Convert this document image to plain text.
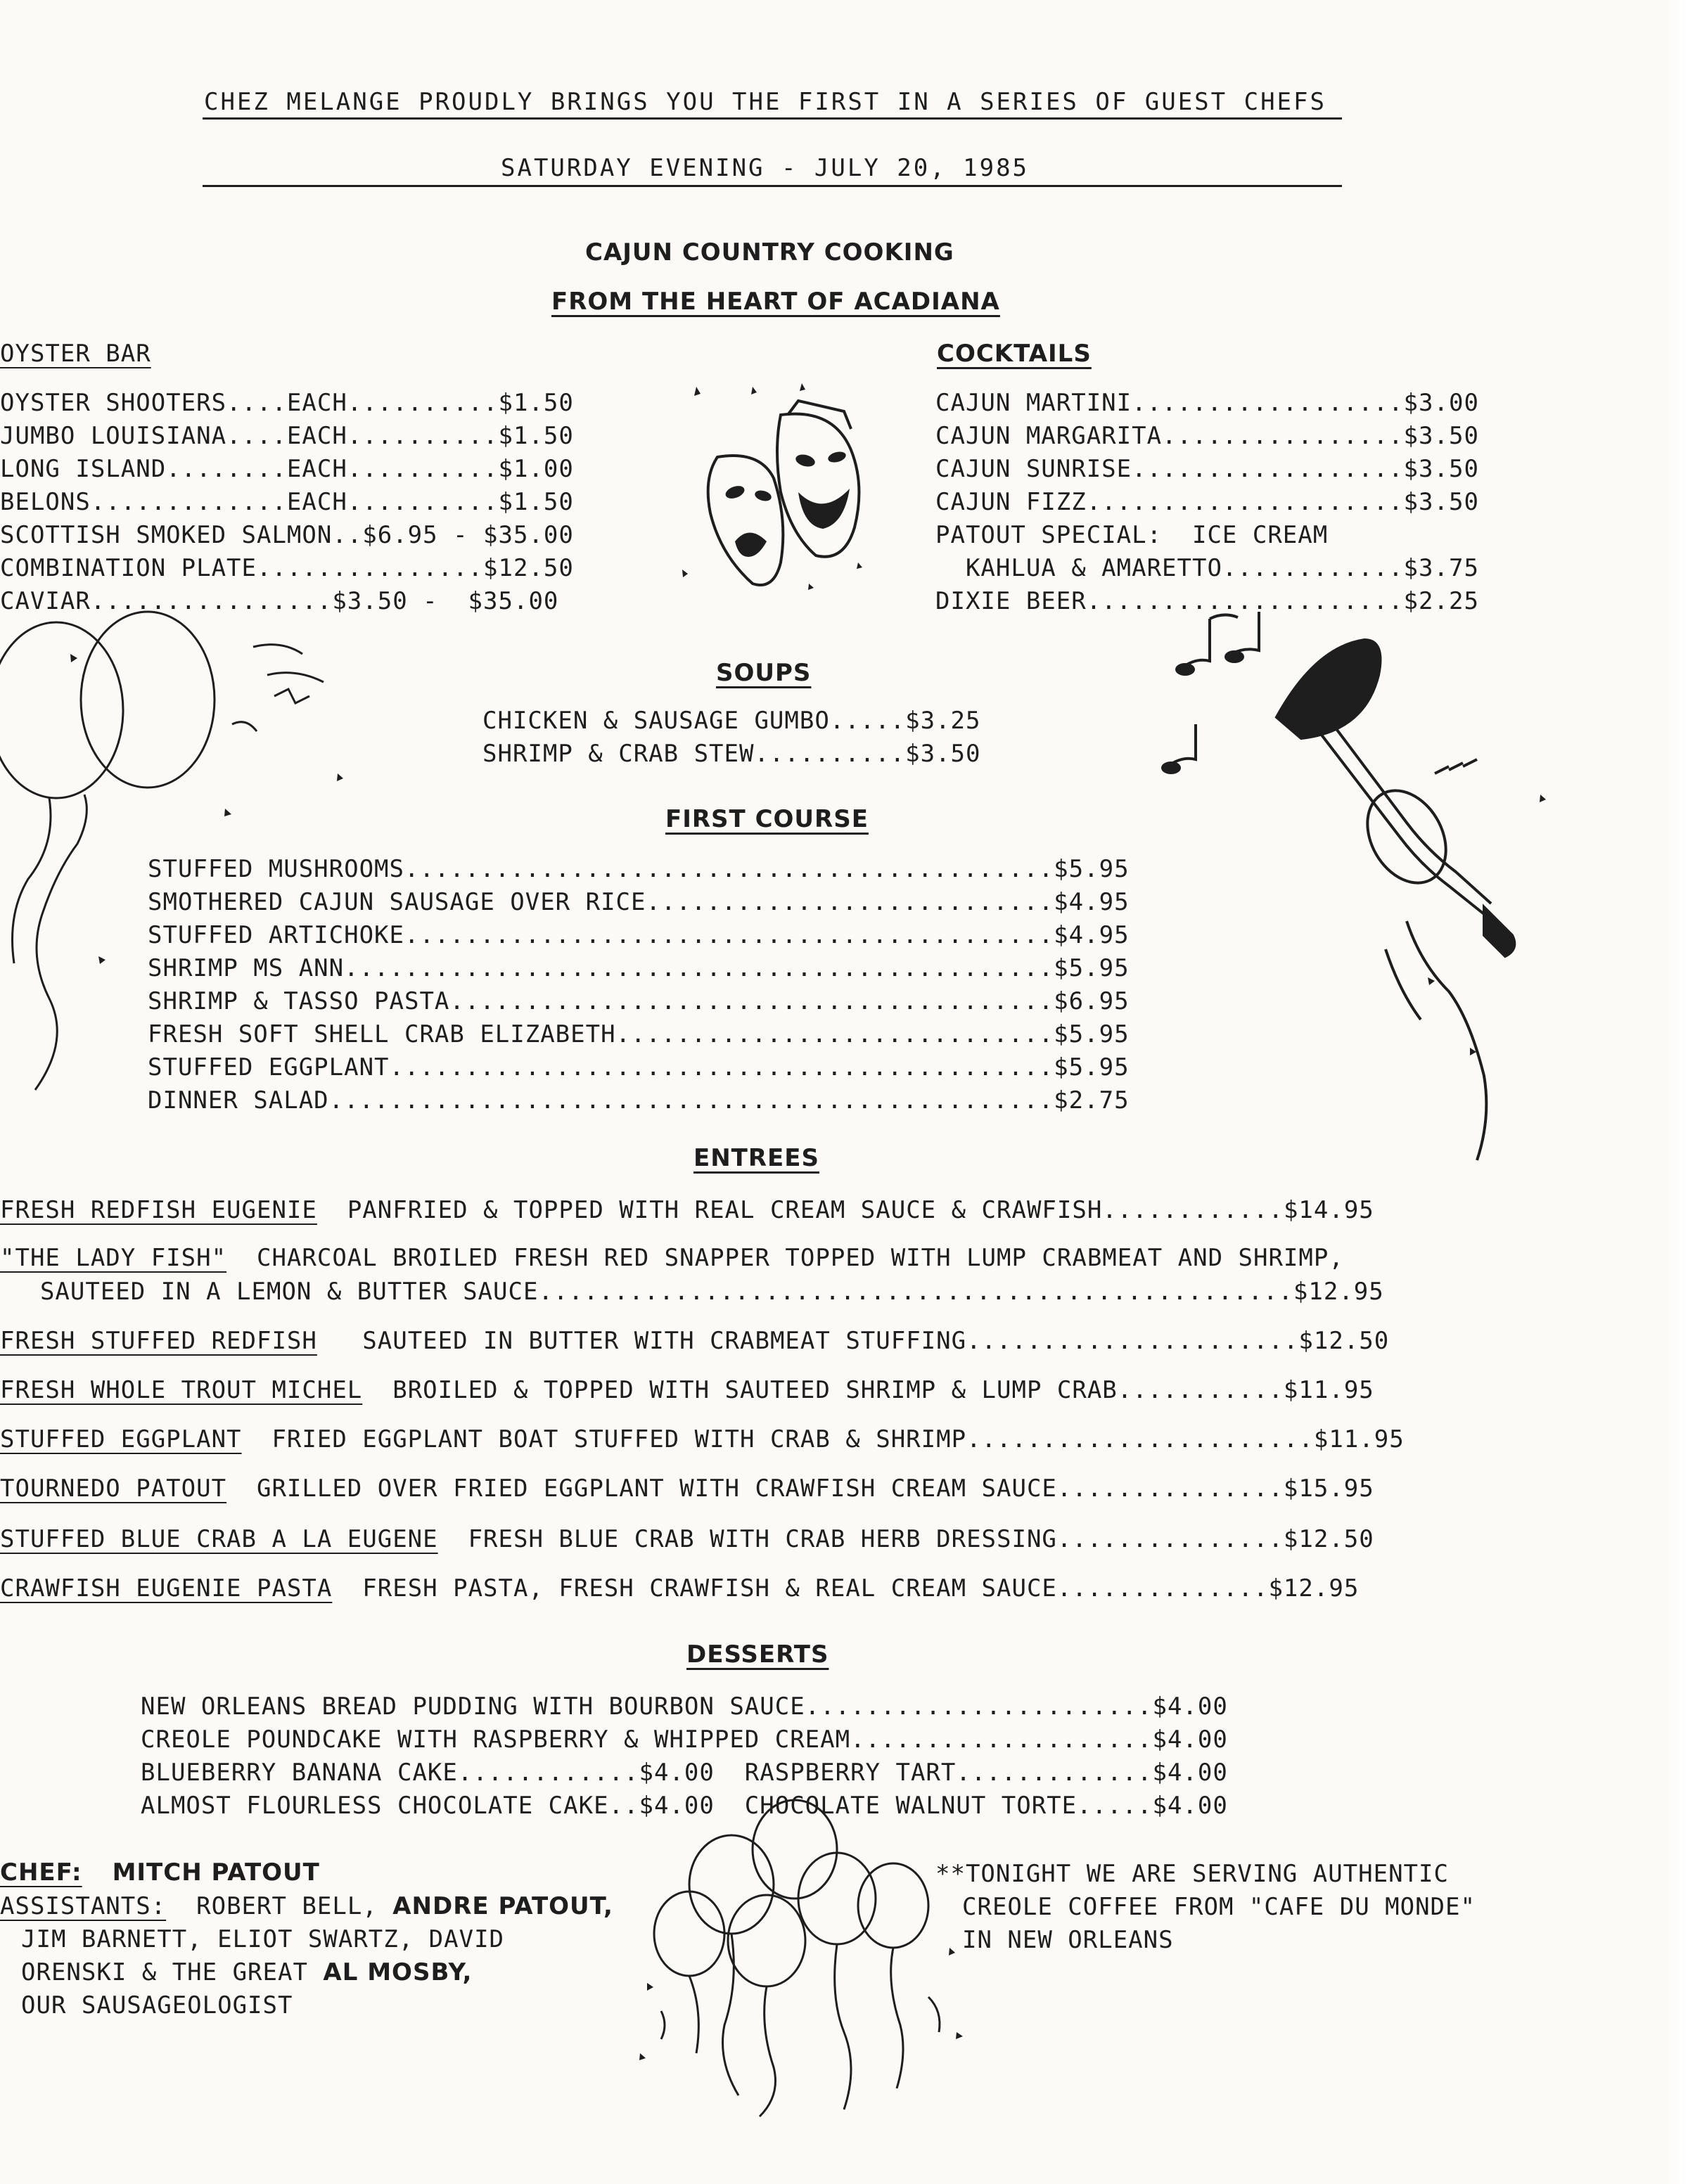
CHEZ MELANGE PROUDLY BRINGS YOU THE FIRST IN A SERIES OF GUEST CHEFS
SATURDAY EVENING - JULY 20, 1985
CAJUN COUNTRY COOKING
FROM THE HEART OF ACADIANA
OYSTER BAR
OYSTER SHOOTERS....EACH..........$1.50
JUMBO LOUISIANA....EACH..........$1.50
LONG ISLAND........EACH..........$1.00
BELONS.............EACH..........$1.50
SCOTTISH SMOKED SALMON..$6.95 - $35.00
COMBINATION PLATE...............$12.50
CAVIAR................$3.50 -  $35.00
COCKTAILS
CAJUN MARTINI..................$3.00
CAJUN MARGARITA................$3.50
CAJUN SUNRISE..................$3.50
CAJUN FIZZ.....................$3.50
PATOUT SPECIAL:  ICE CREAM
KAHLUA & AMARETTO............$3.75
DIXIE BEER.....................$2.25
SOUPS
CHICKEN & SAUSAGE GUMBO.....$3.25
SHRIMP & CRAB STEW..........$3.50
FIRST COURSE
STUFFED MUSHROOMS...........................................$5.95
SMOTHERED CAJUN SAUSAGE OVER RICE...........................$4.95
STUFFED ARTICHOKE...........................................$4.95
SHRIMP MS ANN...............................................$5.95
SHRIMP & TASSO PASTA........................................$6.95
FRESH SOFT SHELL CRAB ELIZABETH.............................$5.95
STUFFED EGGPLANT............................................$5.95
DINNER SALAD................................................$2.75
ENTREES
FRESH REDFISH EUGENIE  PANFRIED & TOPPED WITH REAL CREAM SAUCE & CRAWFISH............$14.95
"THE LADY FISH"  CHARCOAL BROILED FRESH RED SNAPPER TOPPED WITH LUMP CRABMEAT AND SHRIMP,
SAUTEED IN A LEMON & BUTTER SAUCE..................................................$12.95
FRESH STUFFED REDFISH   SAUTEED IN BUTTER WITH CRABMEAT STUFFING......................$12.50
FRESH WHOLE TROUT MICHEL  BROILED & TOPPED WITH SAUTEED SHRIMP & LUMP CRAB...........$11.95
STUFFED EGGPLANT  FRIED EGGPLANT BOAT STUFFED WITH CRAB & SHRIMP.......................$11.95
TOURNEDO PATOUT  GRILLED OVER FRIED EGGPLANT WITH CRAWFISH CREAM SAUCE...............$15.95
STUFFED BLUE CRAB A LA EUGENE  FRESH BLUE CRAB WITH CRAB HERB DRESSING...............$12.50
CRAWFISH EUGENIE PASTA  FRESH PASTA, FRESH CRAWFISH & REAL CREAM SAUCE..............$12.95
DESSERTS
NEW ORLEANS BREAD PUDDING WITH BOURBON SAUCE.......................$4.00
CREOLE POUNDCAKE WITH RASPBERRY & WHIPPED CREAM....................$4.00
BLUEBERRY BANANA CAKE............$4.00  RASPBERRY TART.............$4.00
ALMOST FLOURLESS CHOCOLATE CAKE..$4.00  CHOCOLATE WALNUT TORTE.....$4.00
CHEF: MITCH PATOUT
ASSISTANTS: ROBERT BELL, ANDRE PATOUT,
JIM BARNETT, ELIOT SWARTZ, DAVID
ORENSKI & THE GREAT AL MOSBY,
OUR SAUSAGEOLOGIST
**TONIGHT WE ARE SERVING AUTHENTIC
CREOLE COFFEE FROM "CAFE DU MONDE"
IN NEW ORLEANS
